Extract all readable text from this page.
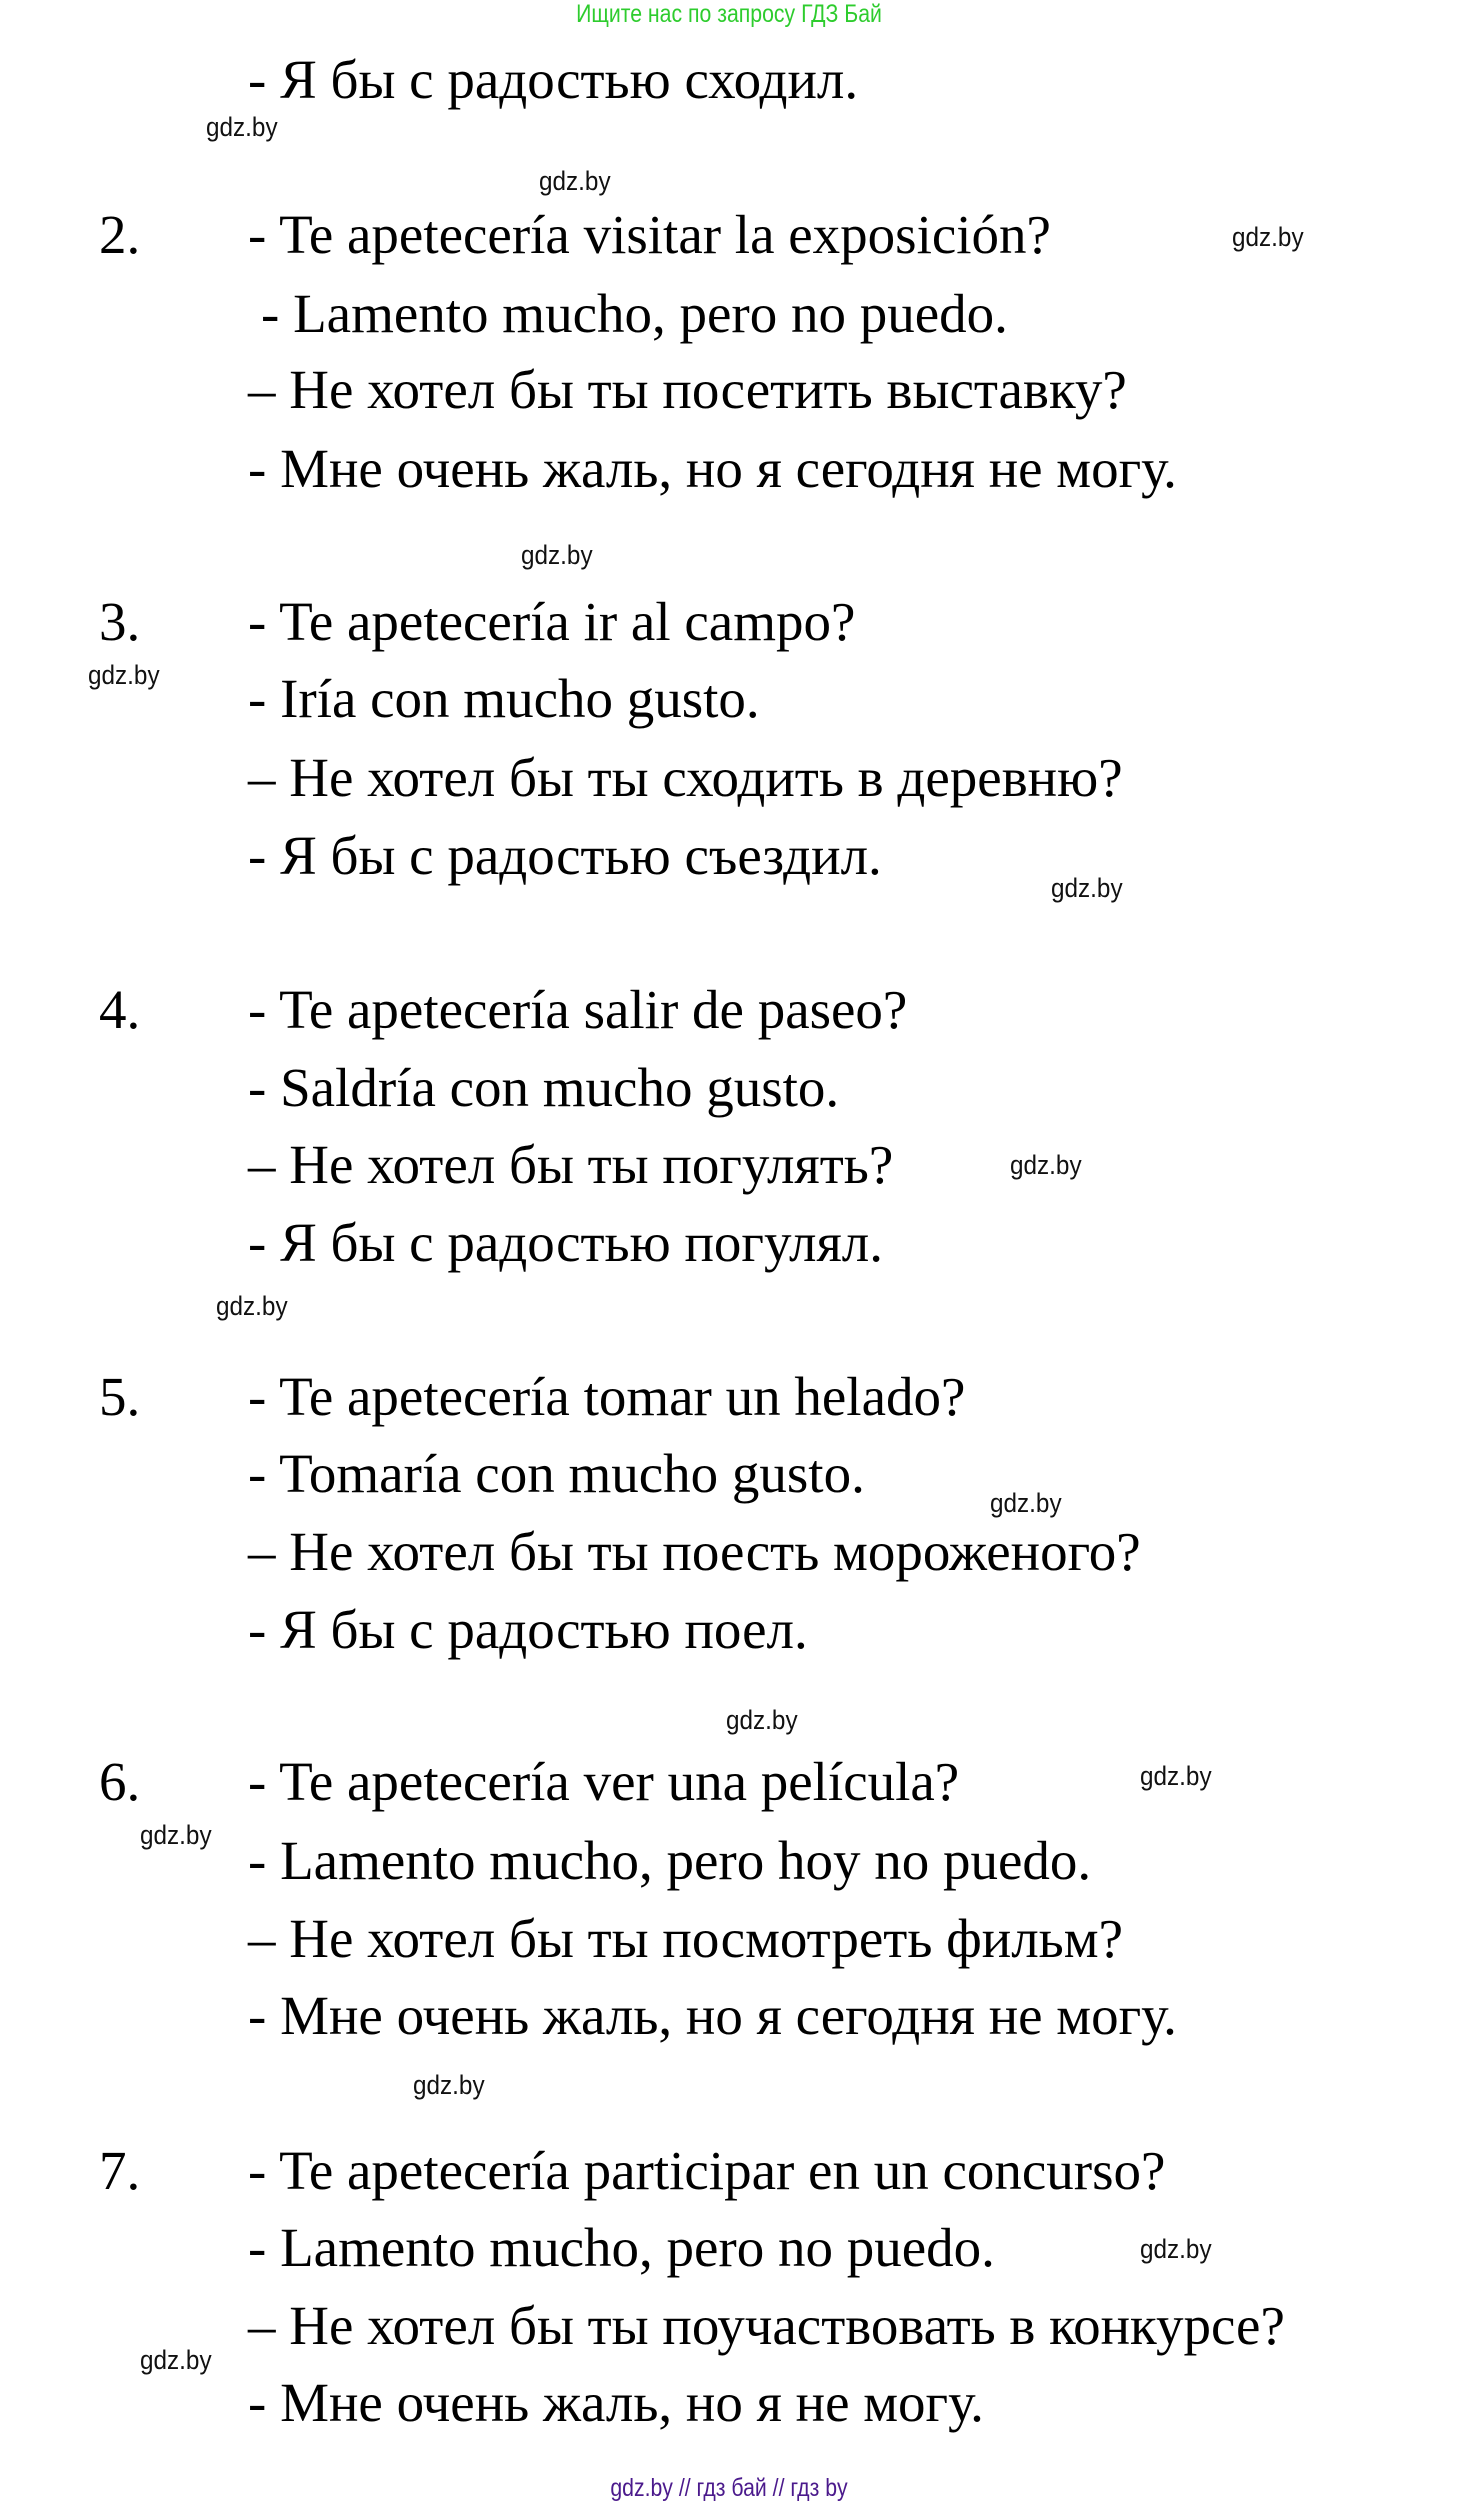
Ищите нас по запросу ГДЗ Бай
- Я бы с радостью сходил.
2. - Te apetecería visitar la exposición?
- Lamento mucho, pero no puedo.
– Не хотел бы ты посетить выставку?
- Мне очень жаль, но я сегодня не могу.
3. - Te apetecería ir al campo?
- Iría con mucho gusto.
– Не хотел бы ты сходить в деревню?
- Я бы с радостью съездил.
4. - Te apetecería salir de paseo?
- Saldría con mucho gusto.
– Не хотел бы ты погулять?
- Я бы с радостью погулял.
5. - Te apetecería tomar un helado?
- Tomaría con mucho gusto.
– Не хотел бы ты поесть мороженого?
- Я бы с радостью поел.
6. - Te apetecería ver una película?
- Lamento mucho, pero hoy no puedo.
– Не хотел бы ты посмотреть фильм?
- Мне очень жаль, но я сегодня не могу.
7. - Te apetecería participar en un concurso?
- Lamento mucho, pero no puedo.
– Не хотел бы ты поучаствовать в конкурсе?
- Мне очень жаль, но я не могу.
gdz.by
gdz.by
gdz.by
gdz.by
gdz.by
gdz.by
gdz.by
gdz.by
gdz.by
gdz.by
gdz.by
gdz.by
gdz.by
gdz.by
gdz.by
gdz.by // гдз бай // гдз by
